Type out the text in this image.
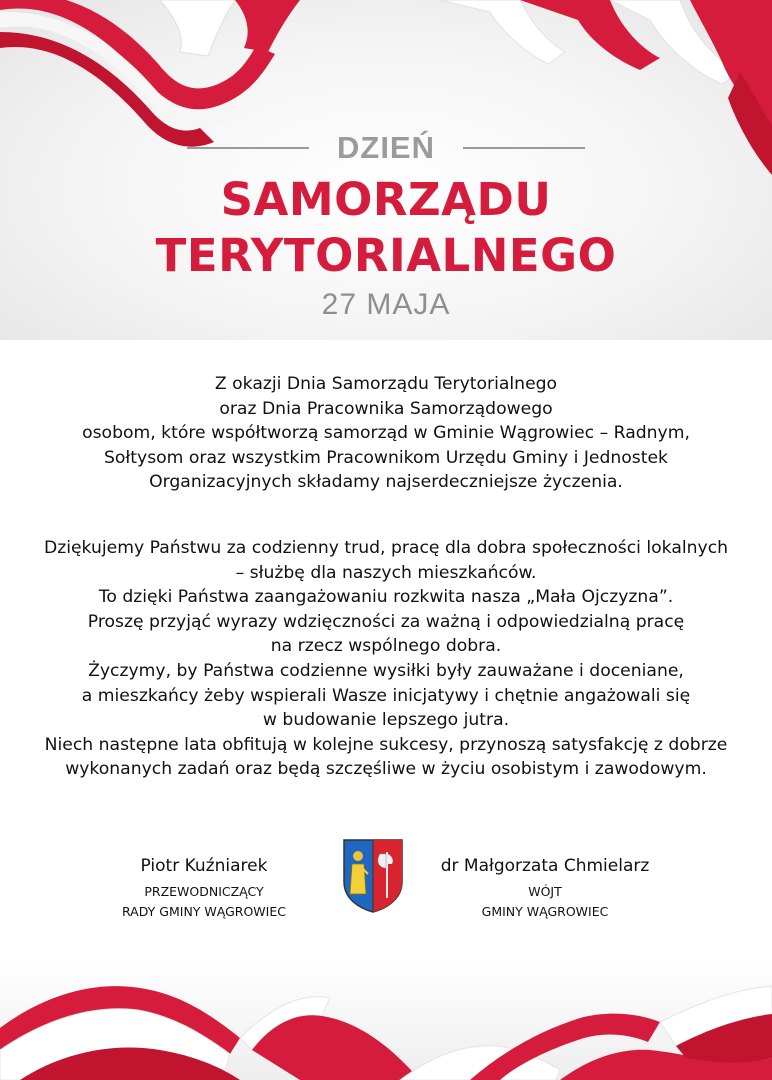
DZIEŃ
SAMORZĄDU
TERYTORIALNEGO
27 MAJA
Z okazji Dnia Samorządu Terytorialnego
oraz Dnia Pracownika Samorządowego
osobom, które współtworzą samorząd w Gminie Wągrowiec – Radnym,
Sołtysom oraz wszystkim Pracownikom Urzędu Gminy i Jednostek
Organizacyjnych składamy najserdeczniejsze życzenia.
Dziękujemy Państwu za codzienny trud, pracę dla dobra społeczności lokalnych
– służbę dla naszych mieszkańców.
To dzięki Państwa zaangażowaniu rozkwita nasza „Mała Ojczyzna”.
Proszę przyjąć wyrazy wdzięczności za ważną i odpowiedzialną pracę
na rzecz wspólnego dobra.
Życzymy, by Państwa codzienne wysiłki były zauważane i doceniane,
a mieszkańcy żeby wspierali Wasze inicjatywy i chętnie angażowali się
w budowanie lepszego jutra.
Niech następne lata obfitują w kolejne sukcesy, przynoszą satysfakcję z dobrze
wykonanych zadań oraz będą szczęśliwe w życiu osobistym i zawodowym.
Piotr Kuźniarek
PRZEWODNICZĄCY
RADY GMINY WĄGROWIEC
dr Małgorzata Chmielarz
WÓJT
GMINY WĄGROWIEC
